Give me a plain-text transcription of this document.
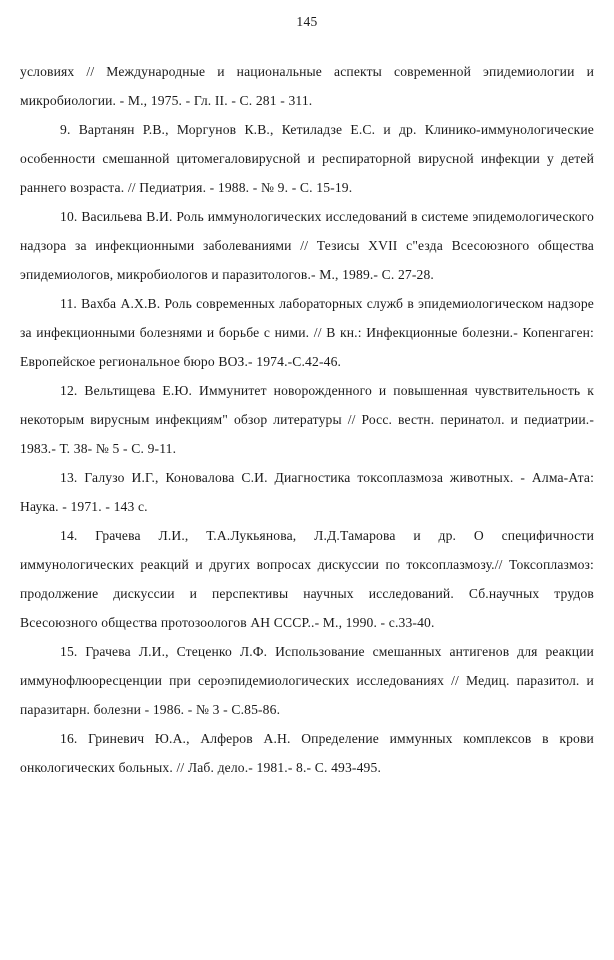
145

условиях // Международные и национальные аспекты современной эпидемиологии и микробиологии. - М., 1975. - Гл. II. - С. 281 - 311.

9. Вартанян Р.В., Моргунов К.В., Кетиладзе Е.С. и др. Клинико-иммунологические особенности смешанной цитомегаловирусной и респираторной вирусной инфекции у детей раннего возраста. // Педиатрия. - 1988. - № 9. - С. 15-19.

10. Васильева В.И. Роль иммунологических исследований в системе эпидемологического надзора за инфекционными заболеваниями // Тезисы XVII с"езда Всесоюзного общества эпидемиологов, микробиологов и паразитологов.- М., 1989.- С. 27-28.

11. Вахба А.Х.В. Роль современных лабораторных служб в эпидемиологическом надзоре за инфекционными болезнями и борьбе с ними. // В кн.: Инфекционные болезни.- Копенгаген: Европейское региональное бюро ВОЗ.- 1974.-С.42-46.

12. Вельтищева Е.Ю. Иммунитет новорожденного и повышенная чувствительность к некоторым вирусным инфекциям" обзор литературы // Росс. вестн. перинатол. и педиатрии.- 1983.- Т. 38- № 5 - С. 9-11.

13. Галузо И.Г., Коновалова С.И. Диагностика токсоплазмоза животных. - Алма-Ата: Наука. - 1971. - 143 с.

14. Грачева Л.И., Т.А.Лукьянова, Л.Д.Тамарова и др. О специфичности иммунологических реакций и других вопросах дискуссии по токсоплазмозу.// Токсоплазмоз: продолжение дискуссии и перспективы научных исследований. Сб.научных трудов Всесоюзного общества протозоологов АН СССР..- М., 1990. - с.33-40.

15. Грачева Л.И., Стеценко Л.Ф. Использование смешанных антигенов для реакции иммунофлюоресценции при сероэпидемиологических исследованиях // Медиц. паразитол. и паразитарн. болезни - 1986. - № 3 - С.85-86.

16. Гриневич Ю.А., Алферов А.Н. Определение иммунных комплексов в крови онкологических больных. // Лаб. дело.- 1981.- 8.- С. 493-495.
